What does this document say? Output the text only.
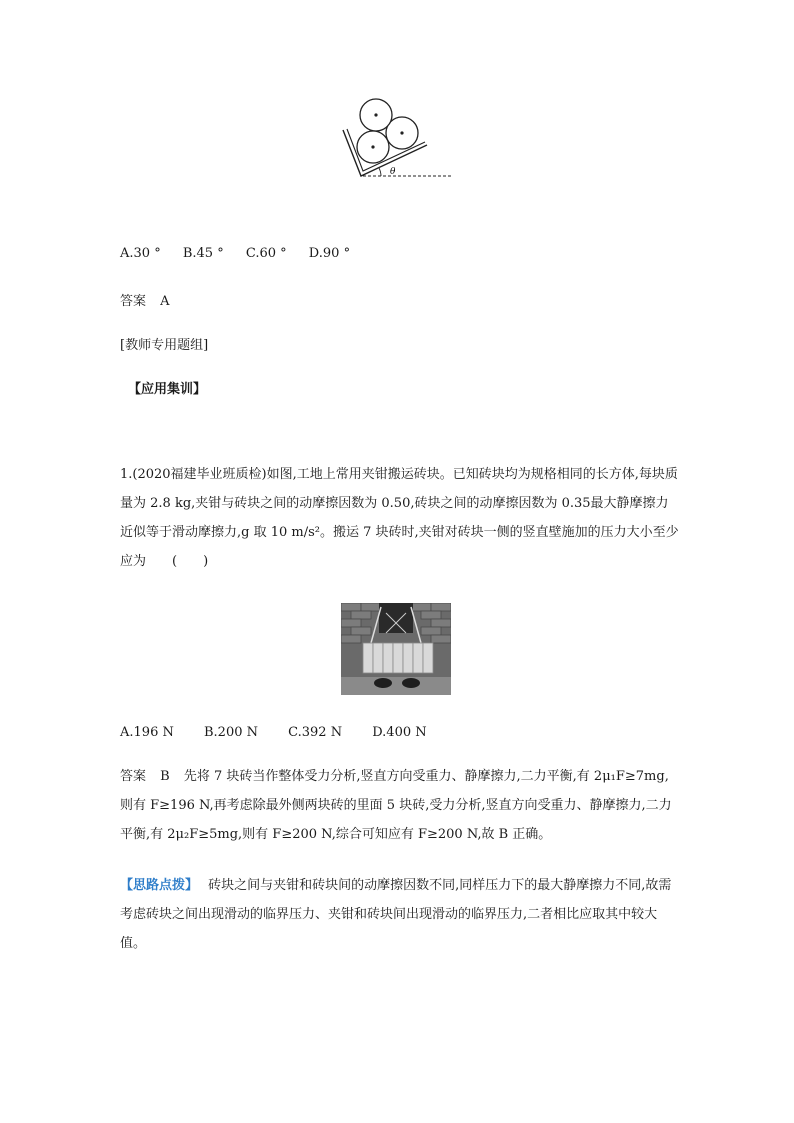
θ
A.30 ° B.45 ° C.60 ° D.90 °
答案 A
[教师专用题组]
【应用集训】
1.(2020福建毕业班质检)如图,工地上常用夹钳搬运砖块。已知砖块均为规格相同的长方体,每块质量为 2.8 kg,夹钳与砖块之间的动摩擦因数为 0.50,砖块之间的动摩擦因数为 0.35最大静摩擦力近似等于滑动摩擦力,g 取 10 m/s²。搬运 7 块砖时,夹钳对砖块一侧的竖直壁施加的压力大小至少应为　　(　　)
A.196 N B.200 N C.392 N D.400 N
答案 B 先将 7 块砖当作整体受力分析,竖直方向受重力、静摩擦力,二力平衡,有 2μ₁F≥7mg,则有 F≥196 N,再考虑除最外侧两块砖的里面 5 块砖,受力分析,竖直方向受重力、静摩擦力,二力平衡,有 2μ₂F≥5mg,则有 F≥200 N,综合可知应有 F≥200 N,故 B 正确。
【思路点拨】 砖块之间与夹钳和砖块间的动摩擦因数不同,同样压力下的最大静摩擦力不同,故需考虑砖块之间出现滑动的临界压力、夹钳和砖块间出现滑动的临界压力,二者相比应取其中较大值。
